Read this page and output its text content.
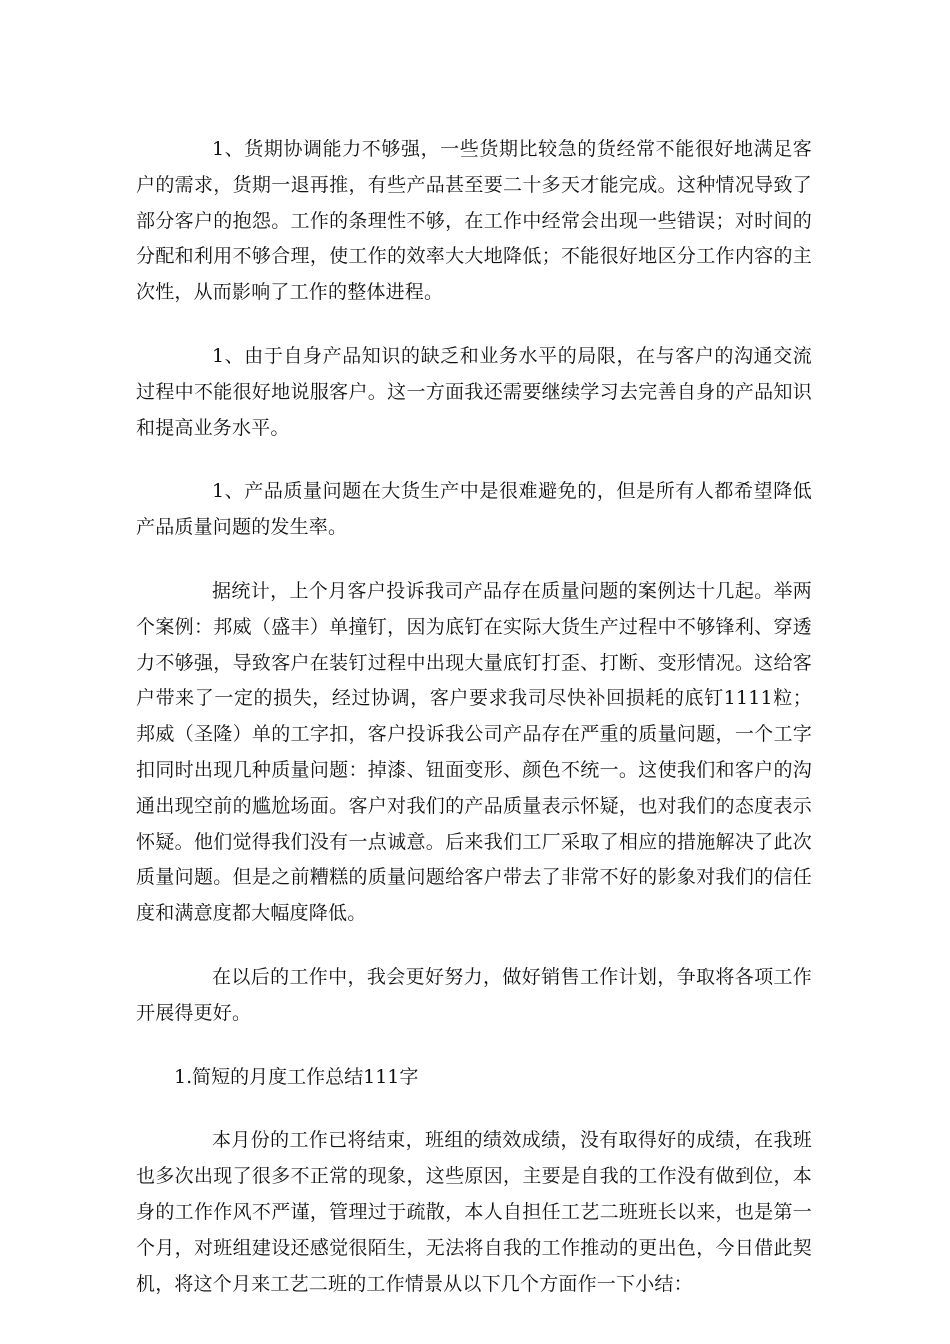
1、货期协调能力不够强，一些货期比较急的货经常不能很好地满足客户的需求，货期一退再推，有些产品甚至要二十多天才能完成。这种情况导致了部分客户的抱怨。工作的条理性不够，在工作中经常会出现一些错误；对时间的分配和利用不够合理，使工作的效率大大地降低；不能很好地区分工作内容的主次性，从而影响了工作的整体进程。

1、由于自身产品知识的缺乏和业务水平的局限，在与客户的沟通交流过程中不能很好地说服客户。这一方面我还需要继续学习去完善自身的产品知识和提高业务水平。

1、产品质量问题在大货生产中是很难避免的，但是所有人都希望降低产品质量问题的发生率。

据统计，上个月客户投诉我司产品存在质量问题的案例达十几起。举两个案例：邦威（盛丰）单撞钉，因为底钉在实际大货生产过程中不够锋利、穿透力不够强，导致客户在装钉过程中出现大量底钉打歪、打断、变形情况。这给客户带来了一定的损失，经过协调，客户要求我司尽快补回损耗的底钉1111粒；邦威（圣隆）单的工字扣，客户投诉我公司产品存在严重的质量问题，一个工字扣同时出现几种质量问题：掉漆、钮面变形、颜色不统一。这使我们和客户的沟通出现空前的尴尬场面。客户对我们的产品质量表示怀疑，也对我们的态度表示怀疑。他们觉得我们没有一点诚意。后来我们工厂采取了相应的措施解决了此次质量问题。但是之前糟糕的质量问题给客户带去了非常不好的影象对我们的信任度和满意度都大幅度降低。

在以后的工作中，我会更好努力，做好销售工作计划，争取将各项工作开展得更好。

1.简短的月度工作总结111字

本月份的工作已将结束，班组的绩效成绩，没有取得好的成绩，在我班也多次出现了很多不正常的现象，这些原因，主要是自我的工作没有做到位，本身的工作作风不严谨，管理过于疏散，本人自担任工艺二班班长以来，也是第一个月，对班组建设还感觉很陌生，无法将自我的工作推动的更出色，今日借此契机，将这个月来工艺二班的工作情景从以下几个方面作一下小结：
